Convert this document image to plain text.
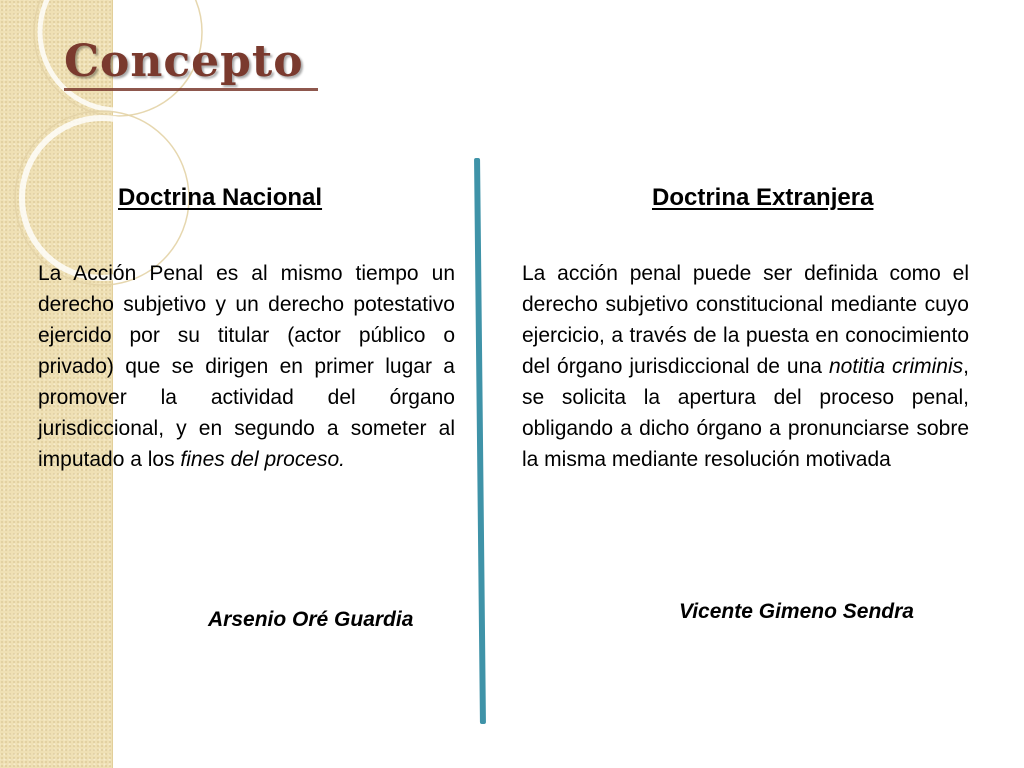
Concepto
Doctrina Nacional

La Acción Penal es al mismo tiempo un derecho subjetivo y un derecho potestativo ejercido por su titular (actor público o privado) que se dirigen en primer lugar a promover la actividad del órgano jurisdiccional, y en segundo a someter al imputado a los fines del proceso.

Arsenio Oré Guardia

Doctrina Extranjera

La acción penal puede ser definida como el derecho subjetivo constitucional mediante cuyo ejercicio, a través de la puesta en conocimiento del órgano jurisdiccional de una notitia criminis, se solicita la apertura del proceso penal, obligando a dicho órgano a pronunciarse sobre la misma mediante resolución motivada

Vicente Gimeno Sendra
